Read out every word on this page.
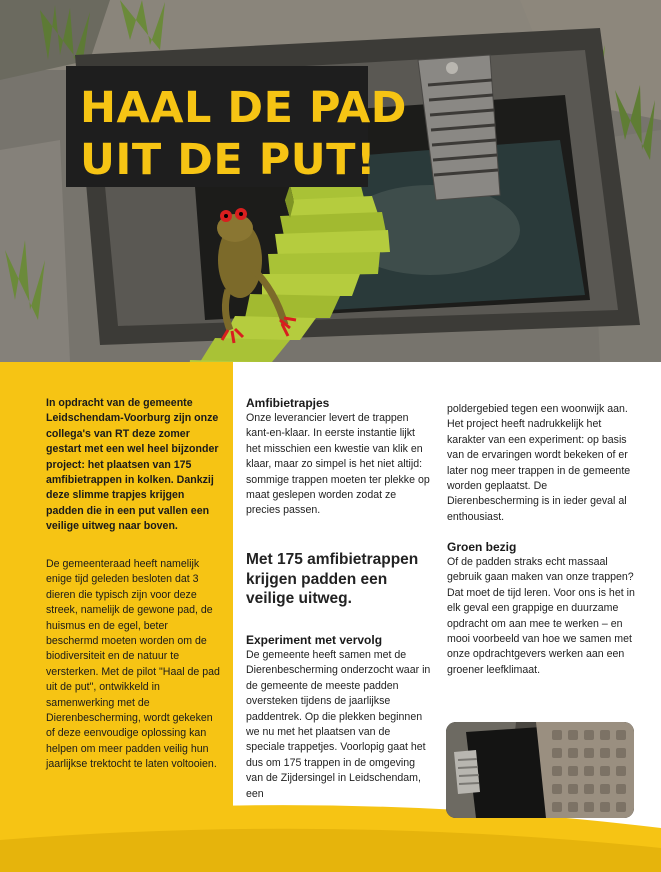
HAAL DE PAD
UIT DE PUT!
In opdracht van de gemeente Leidschendam-Voorburg zijn onze collega's van RT deze zomer gestart met een wel heel bijzonder project: het plaatsen van 175 amfibietrappen in kolken. Dankzij deze slimme trapjes krijgen padden die in een put vallen een veilige uitweg naar boven.
De gemeenteraad heeft namelijk enige tijd geleden besloten dat 3 dieren die typisch zijn voor deze streek, namelijk de gewone pad, de huismus en de egel, beter beschermd moeten worden om de biodiversiteit en de natuur te versterken. Met de pilot "Haal de pad uit de put", ontwikkeld in samenwerking met de Dierenbescherming, wordt gekeken of deze eenvoudige oplossing kan helpen om meer padden veilig hun jaarlijkse trektocht te laten voltooien.
Amfibietrapjes
Onze leverancier levert de trappen kant-en-klaar. In eerste instantie lijkt het misschien een kwestie van klik en klaar, maar zo simpel is het niet altijd: sommige trappen moeten ter plekke op maat geslepen worden zodat ze precies passen.
Met 175 amfibietrappen krijgen padden een veilige uitweg.
Experiment met vervolg
De gemeente heeft samen met de Dierenbescherming onderzocht waar in de gemeente de meeste padden oversteken tijdens de jaarlijkse paddentrek. Op die plekken beginnen we nu met het plaatsen van de speciale trappetjes. Voorlopig gaat het dus om 175 trappen in de omgeving van de Zijdersingel in Leidschendam, een
poldergebied tegen een woonwijk aan. Het project heeft nadrukkelijk het karakter van een experiment: op basis van de ervaringen wordt bekeken of er later nog meer trappen in de gemeente worden geplaatst. De Dierenbescherming is in ieder geval al enthousiast.
Groen bezig
Of de padden straks echt massaal gebruik gaan maken van onze trappen? Dat moet de tijd leren. Voor ons is het in elk geval een grappige en duurzame opdracht om aan mee te werken – en mooi voorbeeld van hoe we samen met onze opdrachtgevers werken aan een groener leefklimaat.
